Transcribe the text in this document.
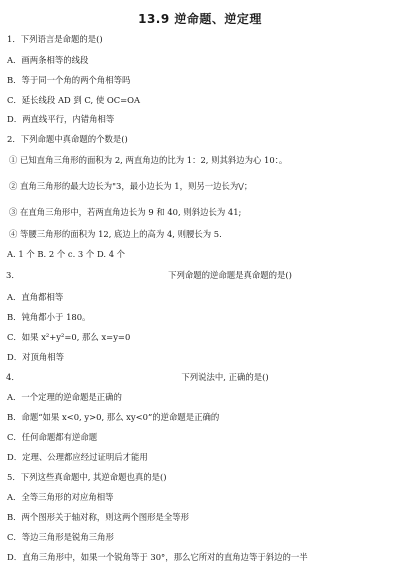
13.9 逆命题、逆定理
1．下列语言是命题的是()
A．画两条相等的线段
B．等于同一个角的两个角相等吗
C．延长线段 AD 到 C, 使 OC=OA
D．两直线平行，内错角相等
2．下列命题中真命题的个数是()
① 已知直角三角形的面积为 2, 两直角边的比为 1：2, 则其斜边为心 10：。
② 直角三角形的最大边长为"3，最小边长为 1，则另一边长为\∕；
③ 在直角三角形中，若两直角边长为 9 和 40, 则斜边长为 41;
④ 等腰三角形的面积为 12, 底边上的高为 4, 则腰长为 5.
A. 1 个 B. 2 个 c. 3 个 D. 4 个
3．	下列命题的逆命题是真命题的是()
A．直角都相等
B．钝角都小于 180。
C．如果 x²+y²=0, 那么 x=y=0
D．对顶角相等
4．	下列说法中, 正确的是()
A．一个定理的逆命题是正确的
B．命题“如果 x<0, y>0, 那么 xy<0”的逆命题是正确的
C．任何命题都有逆命题
D．定理、公理都应经过证明后才能用
5．下列这些真命题中, 其逆命题也真的是()
A．全等三角形的对应角相等
B．两个图形关于轴对称，则这两个图形是全等形
C．等边三角形是锐角三角形
D．直角三角形中，如果一个锐角等于 30°，那么它所对的直角边等于斜边的一半
